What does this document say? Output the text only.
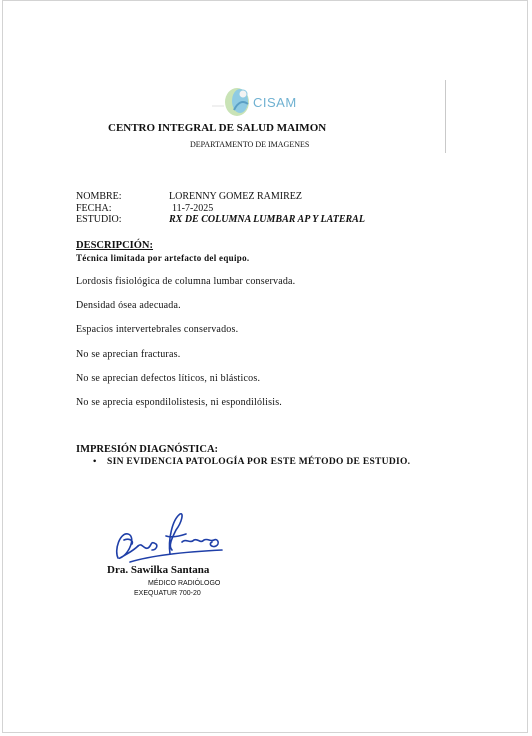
CISAM
CENTRO INTEGRAL DE SALUD MAIMON
DEPARTAMENTO DE IMAGENES
NOMBRE:	LORENNY GOMEZ RAMIREZ
FECHA:	11-7-2025
ESTUDIO:	RX DE COLUMNA LUMBAR AP Y LATERAL
DESCRIPCIÓN:
Técnica limitada por artefacto del equipo.
Lordosis fisiológica de columna lumbar conservada.
Densidad ósea adecuada.
Espacios intervertebrales conservados.
No se aprecian fracturas.
No se aprecian defectos líticos, ni blásticos.
No se aprecia espondilolistesis, ni espondilólisis.
IMPRESIÓN DIAGNÓSTICA:
• SIN EVIDENCIA PATOLOGÍA POR ESTE MÉTODO DE ESTUDIO.
Dra. Sawilka Santana
MÉDICO RADIÓLOGO
EXEQUATUR 700-20
